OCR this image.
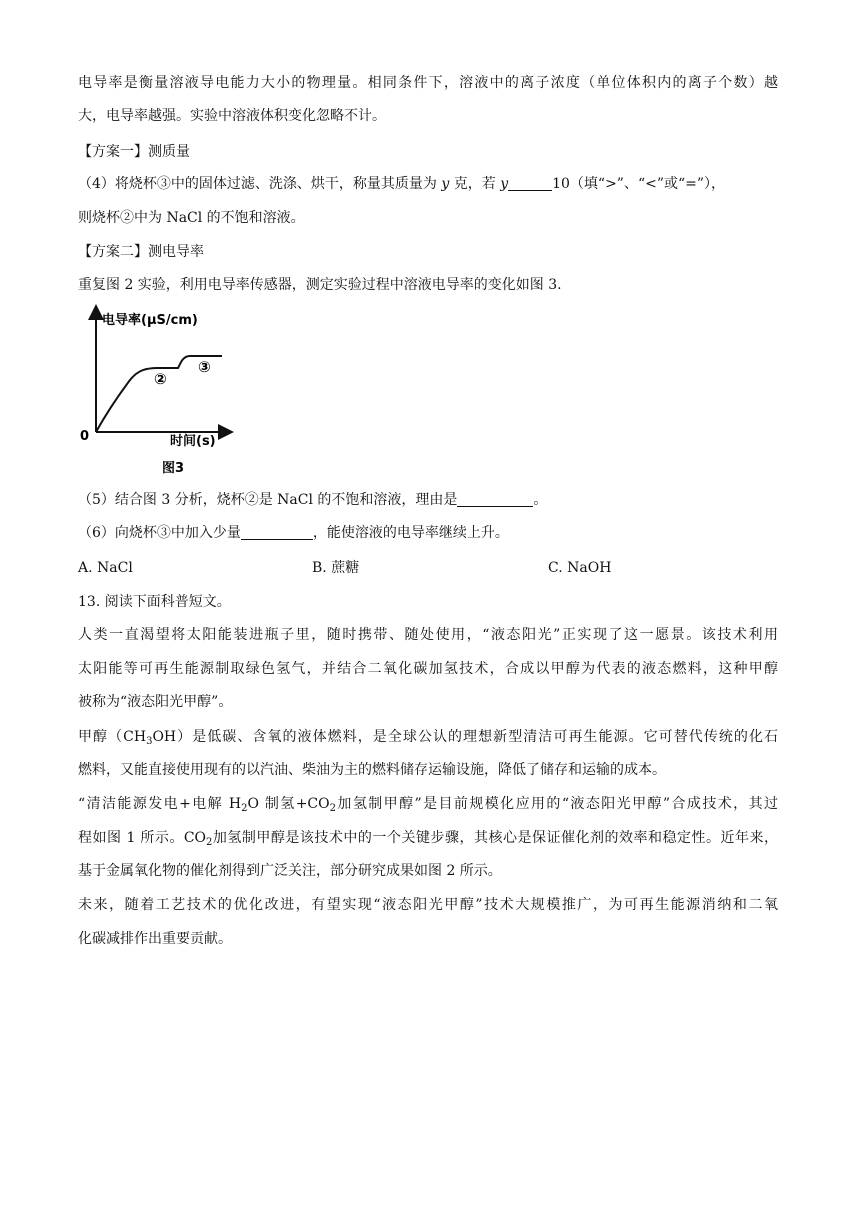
电导率是衡量溶液导电能力大小的物理量。相同条件下，溶液中的离子浓度（单位体积内的离子个数）越
大，电导率越强。实验中溶液体积变化忽略不计。
【方案一】测质量
（4）将烧杯③中的固体过滤、洗涤、烘干，称量其质量为 y 克，若 y	10（填“>”、“<”或“=”），
则烧杯②中为 NaCl 的不饱和溶液。
【方案二】测电导率
重复图 2 实验，利用电导率传感器，测定实验过程中溶液电导率的变化如图 3.
电导率(μS/cm)
时间(s)
0
②
③
图3
（5）结合图 3 分析，烧杯②是 NaCl 的不饱和溶液，理由是	。
（6）向烧杯③中加入少量	，能使溶液的电导率继续上升。
A. NaCl	B. 蔗糖	C. NaOH
13. 阅读下面科普短文。
人类一直渴望将太阳能装进瓶子里，随时携带、随处使用，“液态阳光”正实现了这一愿景。该技术利用
太阳能等可再生能源制取绿色氢气，并结合二氧化碳加氢技术，合成以甲醇为代表的液态燃料，这种甲醇
被称为“液态阳光甲醇”。
甲醇$(CH_3OH)$是低碳、含氧的液体燃料，是全球公认的理想新型清洁可再生能源。它可替代传统的化石
燃料，又能直接使用现有的以汽油、柴油为主的燃料储存运输设施，降低了储存和运输的成本。
“清洁能源发电+电解 $H_2O$ 制氢$+CO_2$加氢制甲醇”是目前规模化应用的“液态阳光甲醇”合成技术，其过
程如图 1 所示。$CO_2$加氢制甲醇是该技术中的一个关键步骤，其核心是保证催化剂的效率和稳定性。近年来，
基于金属氧化物的催化剂得到广泛关注，部分研究成果如图 2 所示。
未来，随着工艺技术的优化改进，有望实现“液态阳光甲醇”技术大规模推广，为可再生能源消纳和二氧
化碳减排作出重要贡献。
